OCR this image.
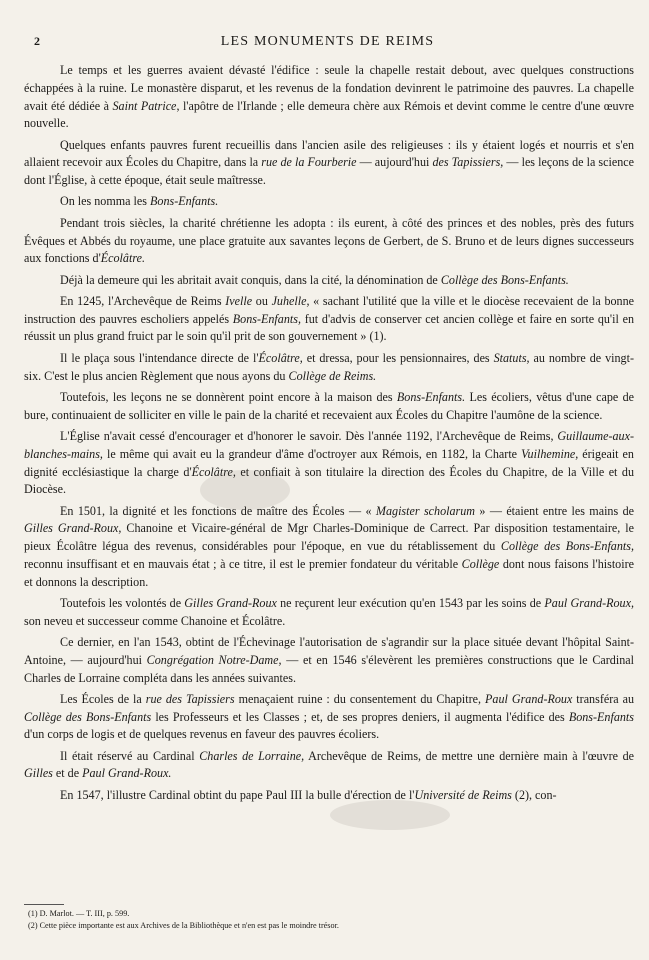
2	LES MONUMENTS DE REIMS

Le temps et les guerres avaient dévasté l'édifice : seule la chapelle restait debout, avec quelques constructions échappées à la ruine. Le monastère disparut, et les revenus de la fondation devinrent le patrimoine des pauvres. La chapelle avait été dédiée à Saint Patrice, l'apôtre de l'Irlande ; elle demeura chère aux Rémois et devint comme le centre d'une œuvre nouvelle.

Quelques enfants pauvres furent recueillis dans l'ancien asile des religieuses : ils y étaient logés et nourris et s'en allaient recevoir aux Écoles du Chapitre, dans la rue de la Fourberie — aujourd'hui des Tapissiers, — les leçons de la science dont l'Église, à cette époque, était seule maîtresse.

On les nomma les Bons-Enfants.

Pendant trois siècles, la charité chrétienne les adopta : ils eurent, à côté des princes et des nobles, près des futurs Évêques et Abbés du royaume, une place gratuite aux savantes leçons de Gerbert, de S. Bruno et de leurs dignes successeurs aux fonctions d'Écolâtre.

Déjà la demeure qui les abritait avait conquis, dans la cité, la dénomination de Collège des Bons-Enfants.

En 1245, l'Archevêque de Reims Ivelle ou Juhelle, « sachant l'utilité que la ville et le diocèse recevaient de la bonne instruction des pauvres escholiers appelés Bons-Enfants, fut d'advis de conserver cet ancien collège et faire en sorte qu'il en réussit un plus grand fruict par le soin qu'il prit de son gouvernement » (1).

Il le plaça sous l'intendance directe de l'Écolâtre, et dressa, pour les pensionnaires, des Statuts, au nombre de vingt-six. C'est le plus ancien Règlement que nous ayons du Collège de Reims.

Toutefois, les leçons ne se donnèrent point encore à la maison des Bons-Enfants. Les écoliers, vêtus d'une cape de bure, continuaient de solliciter en ville le pain de la charité et recevaient aux Écoles du Chapitre l'aumône de la science.

L'Église n'avait cessé d'encourager et d'honorer le savoir. Dès l'année 1192, l'Archevêque de Reims, Guillaume-aux-blanches-mains, le même qui avait eu la grandeur d'âme d'octroyer aux Rémois, en 1182, la Charte Vuilhemine, érigeait en dignité ecclésiastique la charge d'Écolâtre, et confiait à son titulaire la direction des Écoles du Chapitre, de la Ville et du Diocèse.

En 1501, la dignité et les fonctions de maître des Écoles — « Magister scholarum » — étaient entre les mains de Gilles Grand-Roux, Chanoine et Vicaire-général de Mgr Charles-Dominique de Carrect. Par disposition testamentaire, le pieux Écolâtre légua des revenus, considérables pour l'époque, en vue du rétablissement du Collège des Bons-Enfants, reconnu insuffisant et en mauvais état ; à ce titre, il est le premier fondateur du véritable Collège dont nous faisons l'histoire et donnons la description.

Toutefois les volontés de Gilles Grand-Roux ne reçurent leur exécution qu'en 1543 par les soins de Paul Grand-Roux, son neveu et successeur comme Chanoine et Écolâtre.

Ce dernier, en l'an 1543, obtint de l'Échevinage l'autorisation de s'agrandir sur la place située devant l'hôpital Saint-Antoine, — aujourd'hui Congrégation Notre-Dame, — et en 1546 s'élevèrent les premières constructions que le Cardinal Charles de Lorraine compléta dans les années suivantes.

Les Écoles de la rue des Tapissiers menaçaient ruine : du consentement du Chapitre, Paul Grand-Roux transféra au Collège des Bons-Enfants les Professeurs et les Classes ; et, de ses propres deniers, il augmenta l'édifice des Bons-Enfants d'un corps de logis et de quelques revenus en faveur des pauvres écoliers.

Il était réservé au Cardinal Charles de Lorraine, Archevêque de Reims, de mettre une dernière main à l'œuvre de Gilles et de Paul Grand-Roux.

En 1547, l'illustre Cardinal obtint du pape Paul III la bulle d'érection de l'Université de Reims (2), con-

(1) D. Marlot. — T. III, p. 599.
(2) Cette pièce importante est aux Archives de la Bibliothèque et n'en est pas le moindre trésor.
